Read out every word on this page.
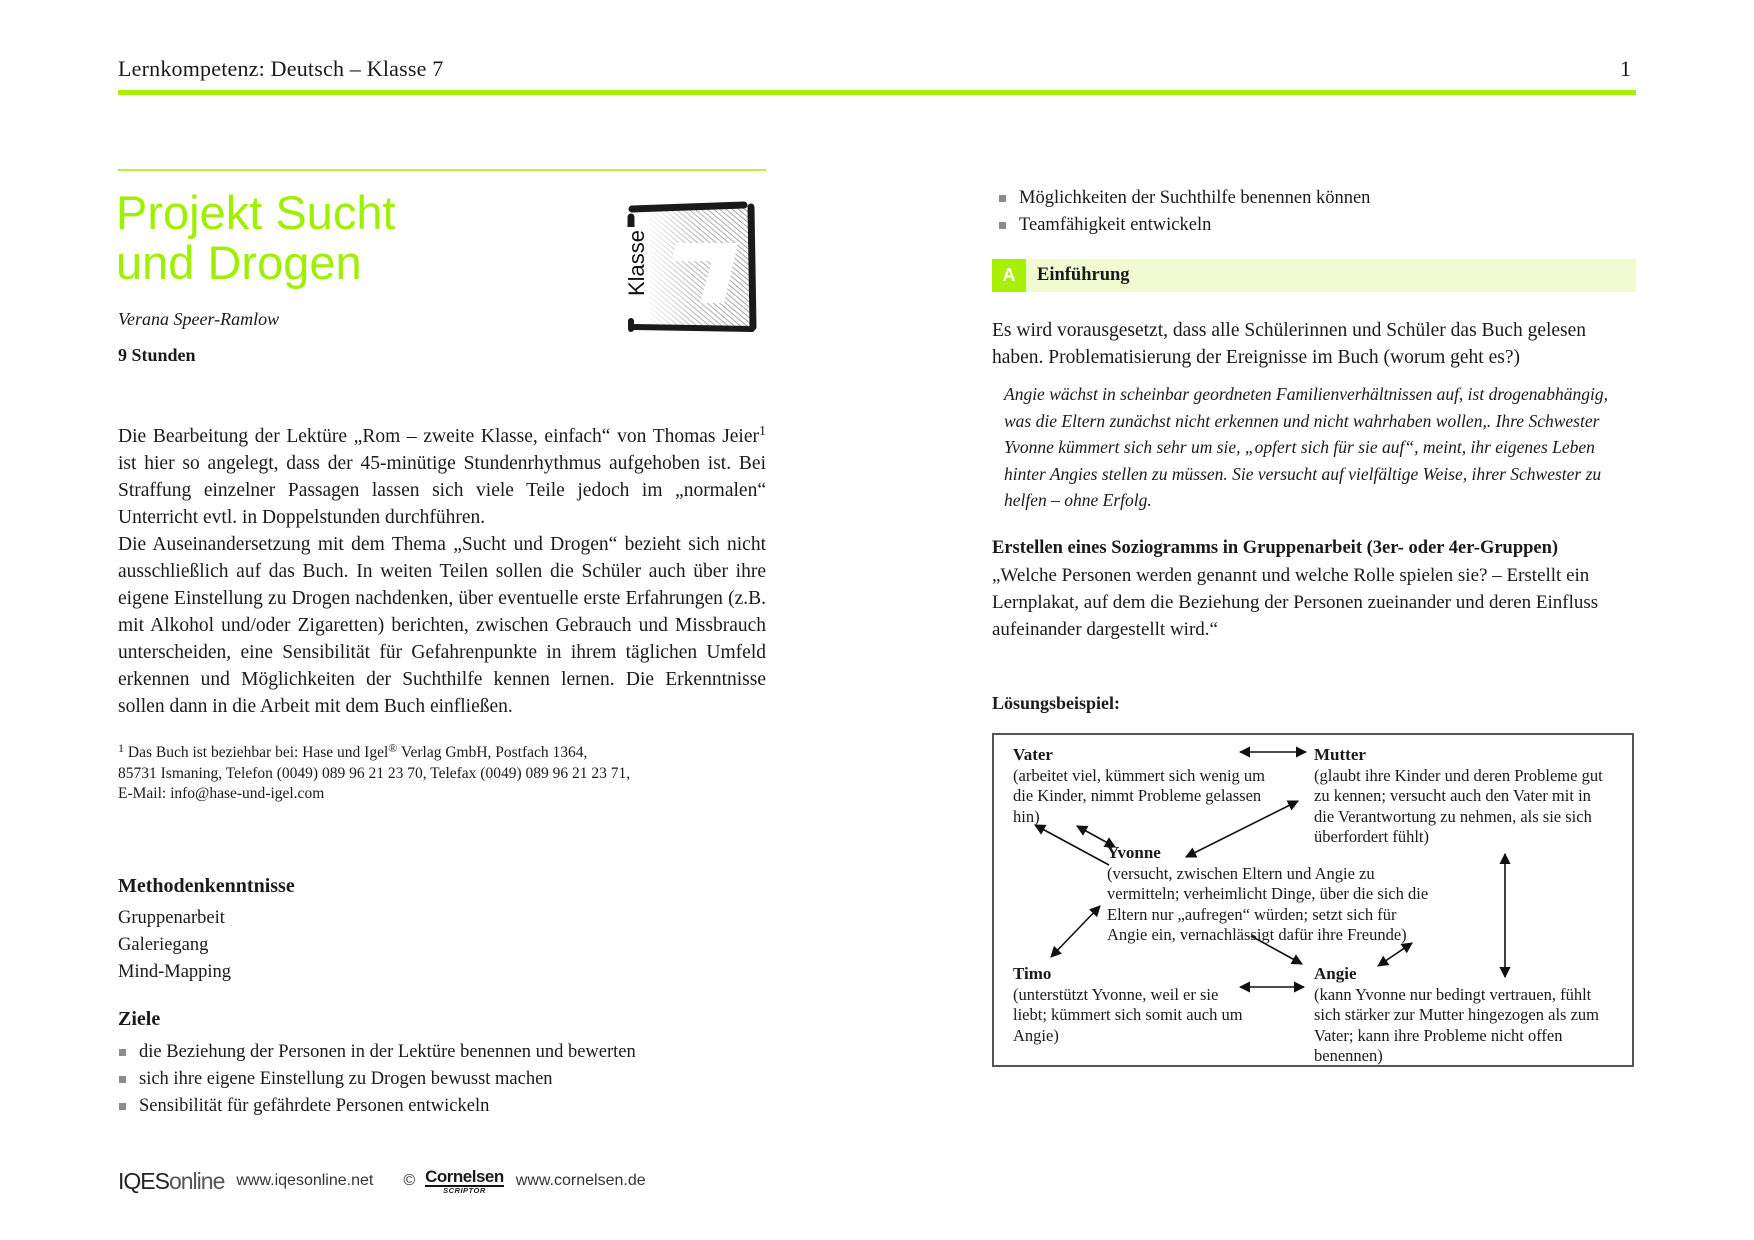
Lernkompetenz: Deutsch – Klasse 7	1
Projekt Sucht
und Drogen
Verana Speer-Ramlow
9 Stunden
Klasse

Die Bearbeitung der Lektüre „Rom – zweite Klasse, einfach“ von Thomas Jeier$^1$ ist hier so angelegt, dass der 45-minütige Stundenrhythmus aufgehoben ist. Bei Straffung einzelner Passagen lassen sich viele Teile jedoch im „normalen“ Unterricht evtl. in Doppelstunden durchführen.

Die Auseinandersetzung mit dem Thema „Sucht und Drogen“ bezieht sich nicht ausschließlich auf das Buch. In weiten Teilen sollen die Schüler auch über ihre eigene Einstellung zu Drogen nachdenken, über eventuelle erste Erfahrungen (z.B. mit Alkohol und/oder Zigaretten) berichten, zwischen Gebrauch und Missbrauch unterscheiden, eine Sensibilität für Gefahrenpunkte in ihrem täglichen Umfeld erkennen und Möglichkeiten der Suchthilfe kennen lernen. Die Erkenntnisse sollen dann in die Arbeit mit dem Buch einfließen.

$^1$ Das Buch ist beziehbar bei: Hase und Igel® Verlag GmbH, Postfach 1364,
85731 Ismaning, Telefon (0049) 089 96 21 23 70, Telefax (0049) 089 96 21 23 71,
E-Mail: info@hase-und-igel.com
Methodenkenntnisse
Gruppenarbeit
Galeriegang
Mind-Mapping
Ziele
die Beziehung der Personen in der Lektüre benennen und bewerten
sich ihre eigene Einstellung zu Drogen bewusst machen
Sensibilität für gefährdete Personen entwickeln
Möglichkeiten der Suchthilfe benennen können
Teamfähigkeit entwickeln
A	Einführung
Es wird vorausgesetzt, dass alle Schülerinnen und Schüler das Buch gelesen haben. Problematisierung der Ereignisse im Buch (worum geht es?)
Angie wächst in scheinbar geordneten Familienverhältnissen auf, ist drogenabhängig, was die Eltern zunächst nicht erkennen und nicht wahrhaben wollen,. Ihre Schwester Yvonne kümmert sich sehr um sie, „opfert sich für sie auf“, meint, ihr eigenes Leben hinter Angies stellen zu müssen. Sie versucht auf vielfältige Weise, ihrer Schwester zu helfen – ohne Erfolg.
Erstellen eines Soziogramms in Gruppenarbeit (3er- oder 4er-Gruppen)
„Welche Personen werden genannt und welche Rolle spielen sie? – Erstellt ein Lernplakat, auf dem die Beziehung der Personen zueinander und deren Einfluss aufeinander dargestellt wird.“
Lösungsbeispiel:
Vater
(arbeitet viel, kümmert sich wenig um die Kinder, nimmt Probleme gelassen hin)
Mutter
(glaubt ihre Kinder und deren Probleme gut zu kennen; versucht auch den Vater mit in die Verantwortung zu nehmen, als sie sich überfordert fühlt)
Yvonne
(versucht, zwischen Eltern und Angie zu vermitteln; verheimlicht Dinge, über die sich die Eltern nur „aufregen“ würden; setzt sich für Angie ein, vernachlässigt dafür ihre Freunde)
Timo
(unterstützt Yvonne, weil er sie liebt; kümmert sich somit auch um Angie)
Angie
(kann Yvonne nur bedingt vertrauen, fühlt sich stärker zur Mutter hingezogen als zum Vater; kann ihre Probleme nicht offen benennen)
IQESonline www.iqesonline.net © Cornelsen
SCRIPTOR
www.cornelsen.de
